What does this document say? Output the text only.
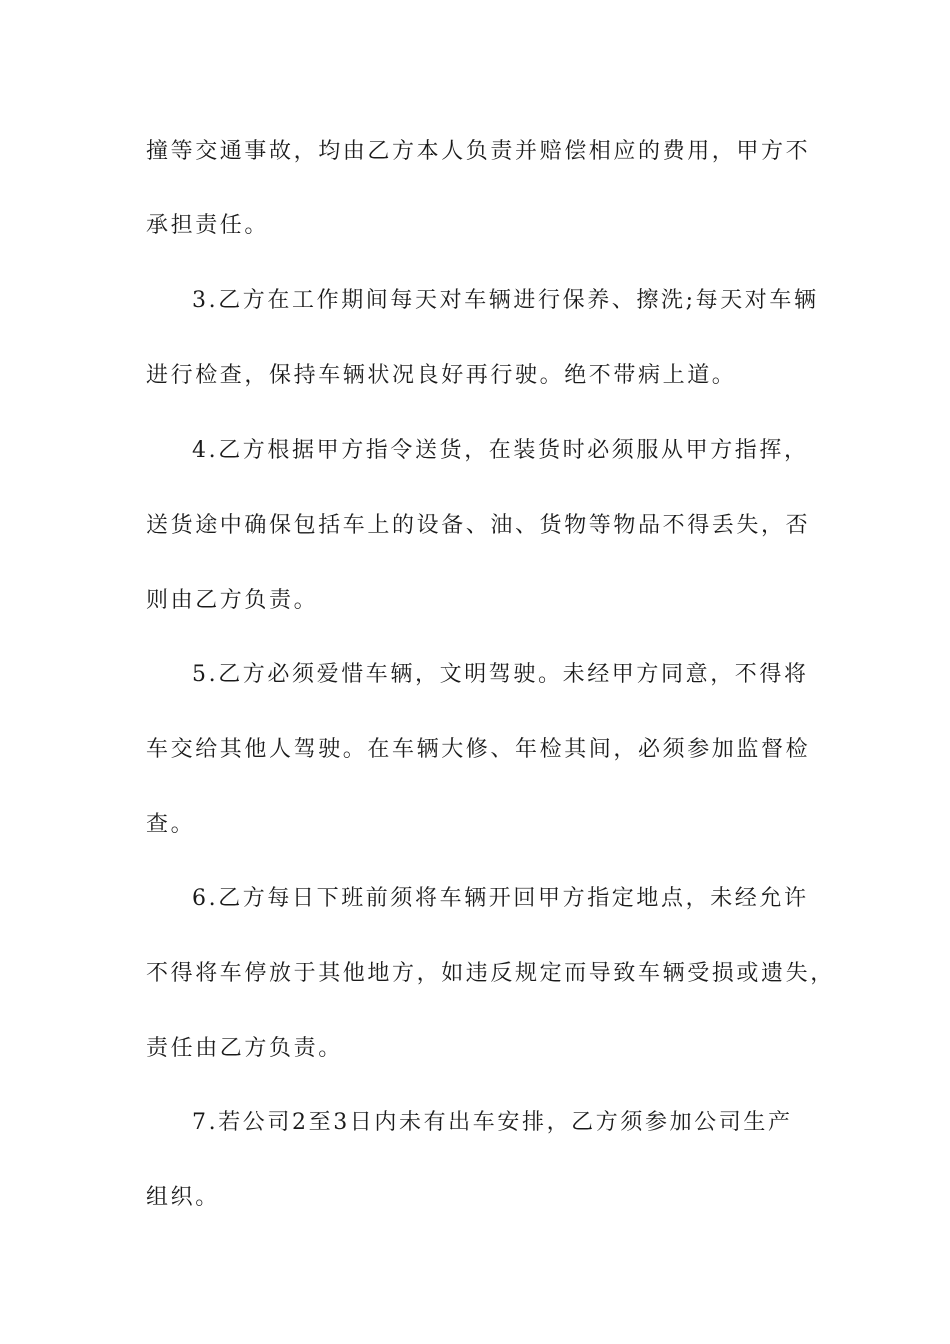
撞等交通事故，均由乙方本人负责并赔偿相应的费用，甲方不
承担责任。
3.乙方在工作期间每天对车辆进行保养、擦洗;每天对车辆
进行检查，保持车辆状况良好再行驶。绝不带病上道。
4.乙方根据甲方指令送货，在装货时必须服从甲方指挥，
送货途中确保包括车上的设备、油、货物等物品不得丢失，否
则由乙方负责。
5.乙方必须爱惜车辆，文明驾驶。未经甲方同意，不得将
车交给其他人驾驶。在车辆大修、年检其间，必须参加监督检
查。
6.乙方每日下班前须将车辆开回甲方指定地点，未经允许
不得将车停放于其他地方，如违反规定而导致车辆受损或遗失，
责任由乙方负责。
7.若公司2至3日内未有出车安排，乙方须参加公司生产
组织。
